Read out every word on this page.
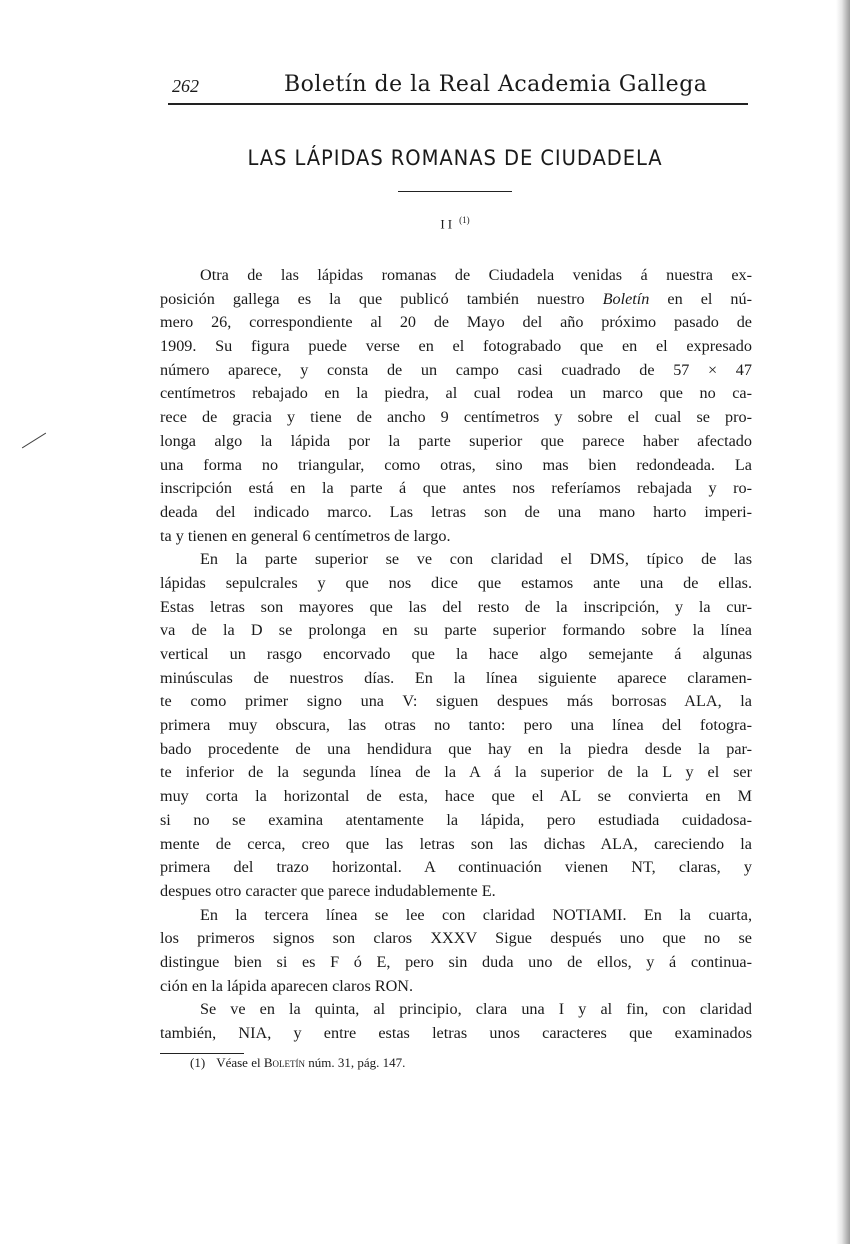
262	Boletín de la Real Academia Gallega
LAS LÁPIDAS ROMANAS DE CIUDADELA
II $^{(1)}$
Otra de las lápidas romanas de Ciudadela venidas á nuestra ex-
posición gallega es la que publicó también nuestro Boletín en el nú-
mero 26, correspondiente al 20 de Mayo del año próximo pasado de
1909. Su figura puede verse en el fotograbado que en el expresado
número aparece, y consta de un campo casi cuadrado de 57 × 47
centímetros rebajado en la piedra, al cual rodea un marco que no ca-
rece de gracia y tiene de ancho 9 centímetros y sobre el cual se pro-
longa algo la lápida por la parte superior que parece haber afectado
una forma no triangular, como otras, sino mas bien redondeada. La
inscripción está en la parte á que antes nos referíamos rebajada y ro-
deada del indicado marco. Las letras son de una mano harto imperi-
ta y tienen en general 6 centímetros de largo.
En la parte superior se ve con claridad el DMS, típico de las
lápidas sepulcrales y que nos dice que estamos ante una de ellas.
Estas letras son mayores que las del resto de la inscripción, y la cur-
va de la D se prolonga en su parte superior formando sobre la línea
vertical un rasgo encorvado que la hace algo semejante á algunas
minúsculas de nuestros días. En la línea siguiente aparece claramen-
te como primer signo una V: siguen despues más borrosas ALA, la
primera muy obscura, las otras no tanto: pero una línea del fotogra-
bado procedente de una hendidura que hay en la piedra desde la par-
te inferior de la segunda línea de la A á la superior de la L y el ser
muy corta la horizontal de esta, hace que el AL se convierta en M
si no se examina atentamente la lápida, pero estudiada cuidadosa-
mente de cerca, creo que las letras son las dichas ALA, careciendo la
primera del trazo horizontal. A continuación vienen NT, claras, y
despues otro caracter que parece indudablemente E.
En la tercera línea se lee con claridad NOTIAMI. En la cuarta,
los primeros signos son claros XXXV Sigue después uno que no se
distingue bien si es F ó E, pero sin duda uno de ellos, y á continua-
ción en la lápida aparecen claros RON.
Se ve en la quinta, al principio, clara una I y al fin, con claridad
también, NIA, y entre estas letras unos caracteres que examinados
(1) Véase el Boletín núm. 31, pág. 147.
